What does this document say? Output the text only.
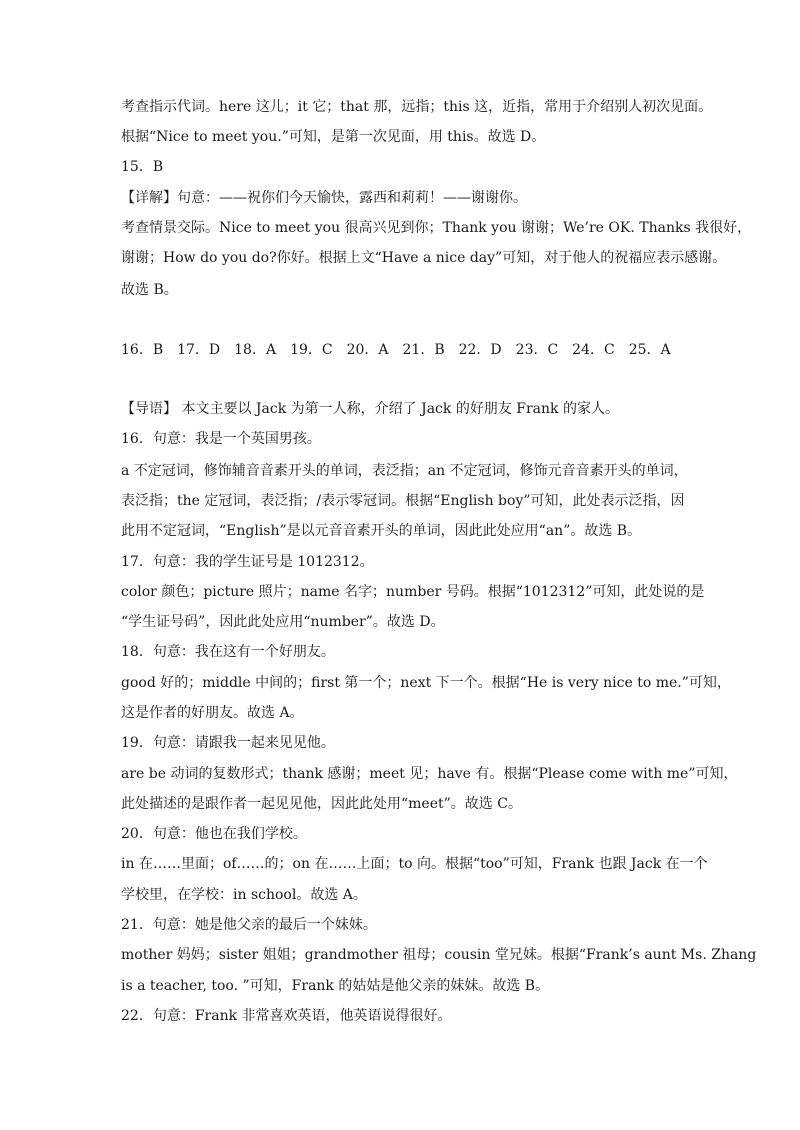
考查指示代词。here 这儿；it 它；that 那，远指；this 这，近指，常用于介绍别人初次见面。
根据“Nice to meet you.”可知，是第一次见面，用 this。故选 D。
15．B
【详解】句意：——祝你们今天愉快，露西和莉莉！——谢谢你。
考查情景交际。Nice to meet you 很高兴见到你；Thank you 谢谢；We’re OK. Thanks 我很好，
谢谢；How do you do?你好。根据上文“Have a nice day”可知，对于他人的祝福应表示感谢。
故选 B。
16．B　17．D　18．A　19．C　20．A　21．B　22．D　23．C　24．C　25．A
【导语】 本文主要以 Jack 为第一人称，介绍了 Jack 的好朋友 Frank 的家人。
16．句意：我是一个英国男孩。
a 不定冠词，修饰辅音音素开头的单词，表泛指；an 不定冠词，修饰元音音素开头的单词，
表泛指；the 定冠词，表泛指；/表示零冠词。根据“English boy”可知，此处表示泛指，因
此用不定冠词，“English”是以元音音素开头的单词，因此此处应用“an”。故选 B。
17．句意：我的学生证号是 1012312。
color 颜色；picture 照片；name 名字；number 号码。根据“1012312”可知，此处说的是
“学生证号码”，因此此处应用“number”。故选 D。
18．句意：我在这有一个好朋友。
good 好的；middle 中间的；first 第一个；next 下一个。根据“He is very nice to me.”可知，
这是作者的好朋友。故选 A。
19．句意：请跟我一起来见见他。
are be 动词的复数形式；thank 感谢；meet 见；have 有。根据“Please come with me”可知，
此处描述的是跟作者一起见见他，因此此处用“meet”。故选 C。
20．句意：他也在我们学校。
in 在……里面；of……的；on 在……上面；to 向。根据“too”可知，Frank 也跟 Jack 在一个
学校里，在学校：in school。故选 A。
21．句意：她是他父亲的最后一个妹妹。
mother 妈妈；sister 姐姐；grandmother 祖母；cousin 堂兄妹。根据“Frank’s aunt Ms. Zhang
is a teacher, too. ”可知，Frank 的姑姑是他父亲的妹妹。故选 B。
22．句意：Frank 非常喜欢英语，他英语说得很好。
